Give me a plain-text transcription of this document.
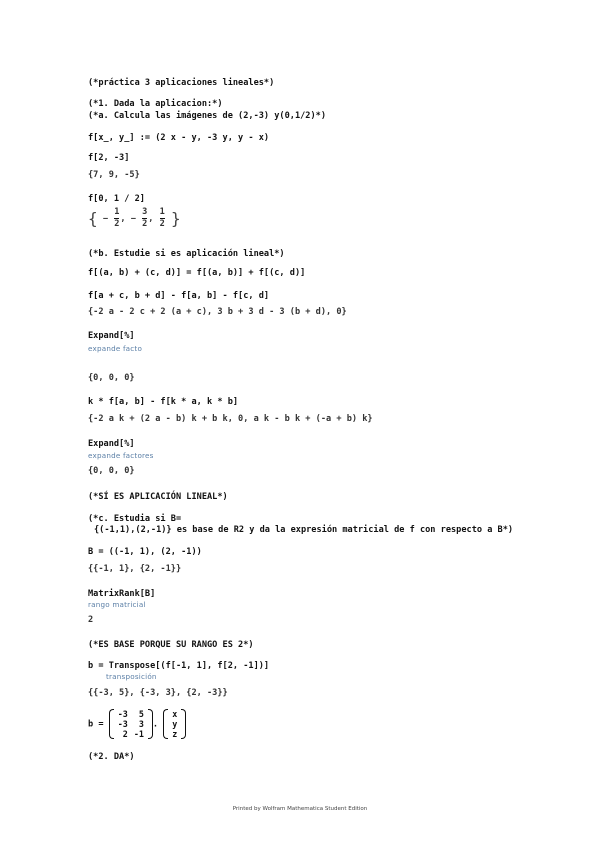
(*práctica 3 aplicaciones lineales*)
(*1. Dada la aplicacion:*)
(*a. Calcula las imágenes de (2,-3) y(0,1/2)*)
f[x_, y_] := (2 x - y, -3 y, y - x)
f[2, -3]
{7, 9, -5}
f[0, 1 / 2]
{ − $\frac{1}{2}$ , − $\frac{3}{2}$ , $\frac{1}{2}$ }
(*b. Estudie si es aplicación lineal*)
f[(a, b) + (c, d)] = f[(a, b)] + f[(c, d)]
f[a + c, b + d] - f[a, b] - f[c, d]
{-2 a - 2 c + 2 (a + c), 3 b + 3 d - 3 (b + d), 0}
Expand[%]
expande facto
{0, 0, 0}
k * f[a, b] - f[k * a, k * b]
{-2 a k + (2 a - b) k + b k, 0, a k - b k + (-a + b) k}
Expand[%]
expande factores
{0, 0, 0}
(*SÍ ES APLICACIÓN LINEAL*)
(*c. Estudia si B=
{(-1,1),(2,-1)} es base de R2 y da la expresión matricial de f con respecto a B*)
B = ((-1, 1), (2, -1))
{{-1, 1}, {2, -1}}
MatrixRank[B]
rango matricial
2
(*ES BASE PORQUE SU RANGO ES 2*)
b = Transpose[(f[-1, 1], f[2, -1])]
transposición
{{-3, 5}, {-3, 3}, {2, -3}}
b =
-3	5
-3	3
2	-1
.
x
y
z
(*2. DA*)
Printed by Wolfram Mathematica Student Edition
